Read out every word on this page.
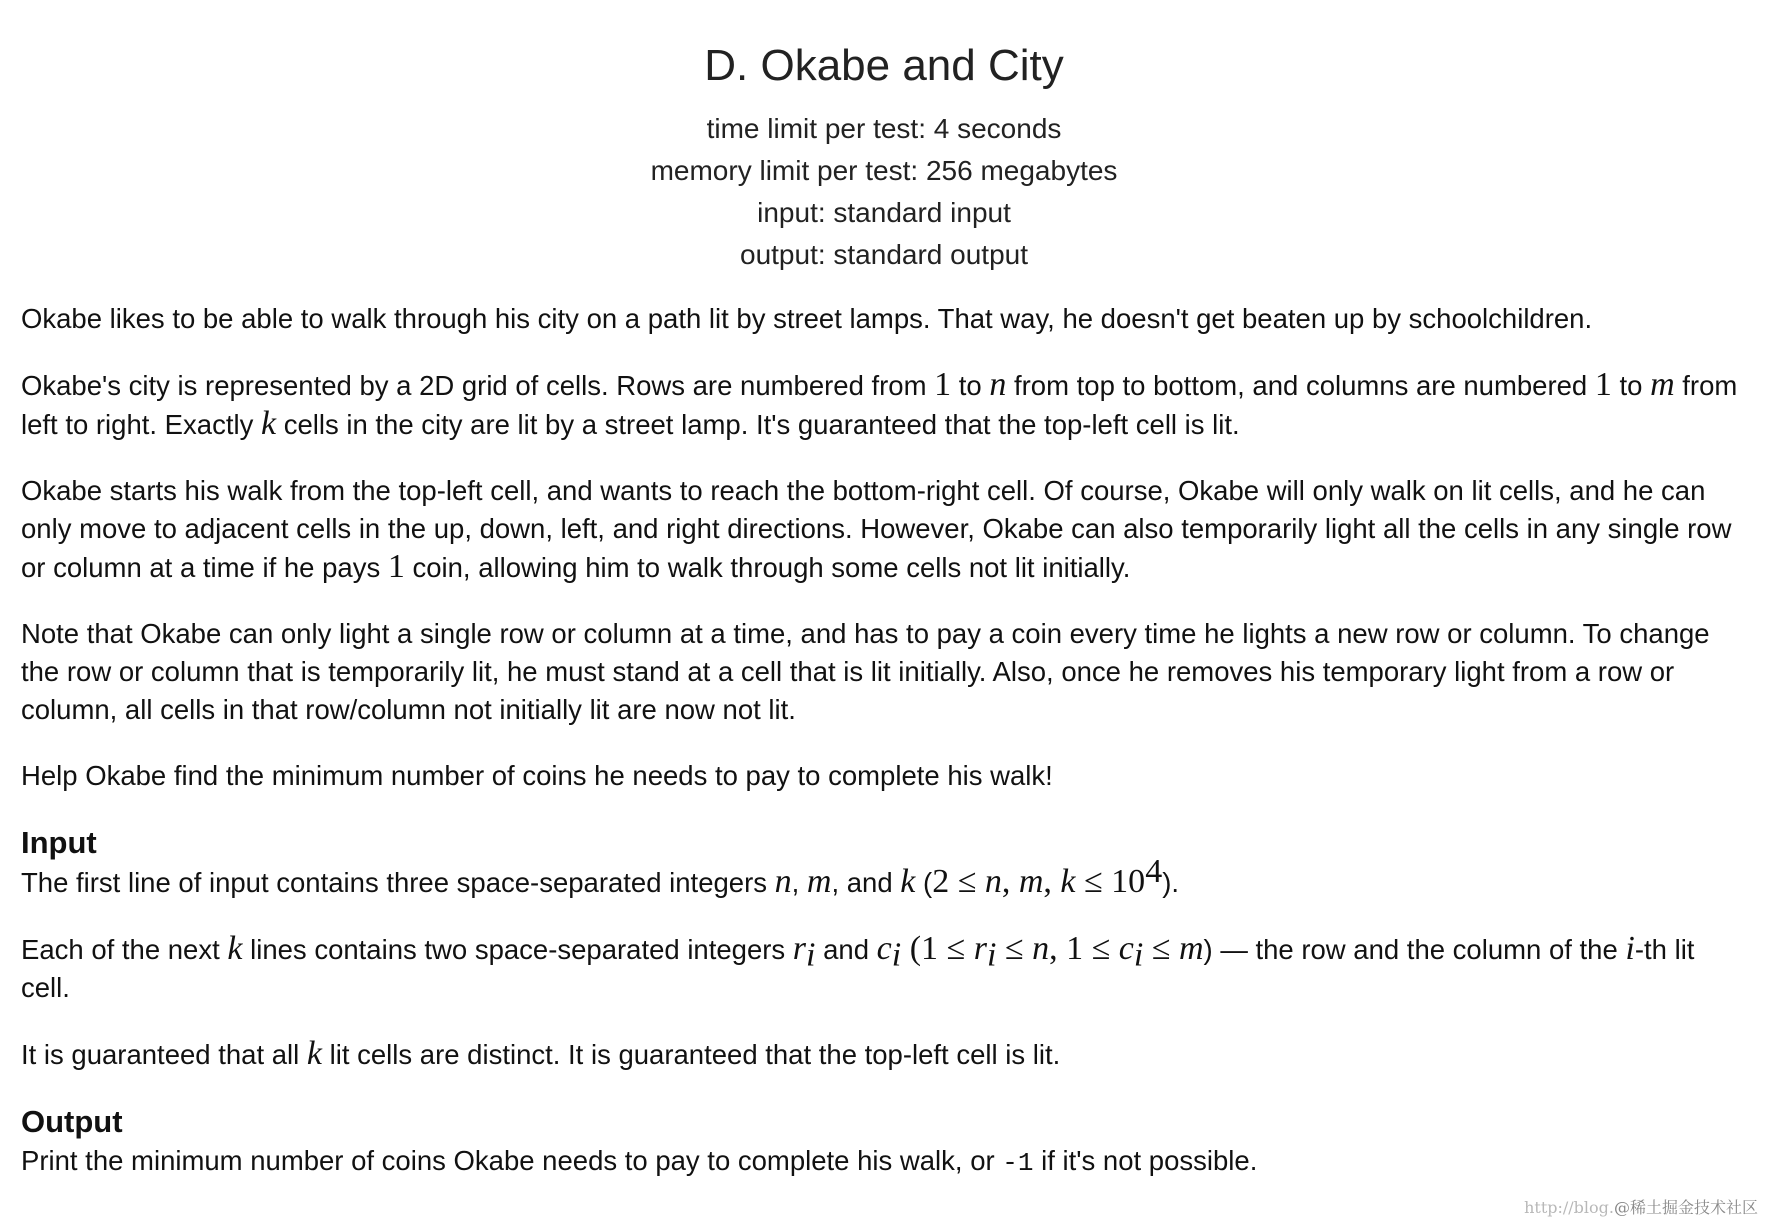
D. Okabe and City
time limit per test: 4 seconds
memory limit per test: 256 megabytes
input: standard input
output: standard output

Okabe likes to be able to walk through his city on a path lit by street lamps. That way, he doesn't get beaten up by schoolchildren.

Okabe's city is represented by a 2D grid of cells. Rows are numbered from 1 to n from top to bottom, and columns are numbered 1 to m from left to right. Exactly k cells in the city are lit by a street lamp. It's guaranteed that the top-left cell is lit.

Okabe starts his walk from the top-left cell, and wants to reach the bottom-right cell. Of course, Okabe will only walk on lit cells, and he can only move to adjacent cells in the up, down, left, and right directions. However, Okabe can also temporarily light all the cells in any single row or column at a time if he pays 1 coin, allowing him to walk through some cells not lit initially.

Note that Okabe can only light a single row or column at a time, and has to pay a coin every time he lights a new row or column. To change the row or column that is temporarily lit, he must stand at a cell that is lit initially. Also, once he removes his temporary light from a row or column, all cells in that row/column not initially lit are now not lit.

Help Okabe find the minimum number of coins he needs to pay to complete his walk!

Input

The first line of input contains three space-separated integers n, m, and k (2 ≤ n, m, $k \le 10^4$).

Each of the next k lines contains two space-separated integers $r_i$ and $c_i$ ($1 \le r_i \le n$, $1 \le c_i \le m$) — the row and the column of the i-th lit cell.

It is guaranteed that all k lit cells are distinct. It is guaranteed that the top-left cell is lit.

Output

Print the minimum number of coins Okabe needs to pay to complete his walk, or -1 if it's not possible.

http://blog.@稀土掘金技术社区
